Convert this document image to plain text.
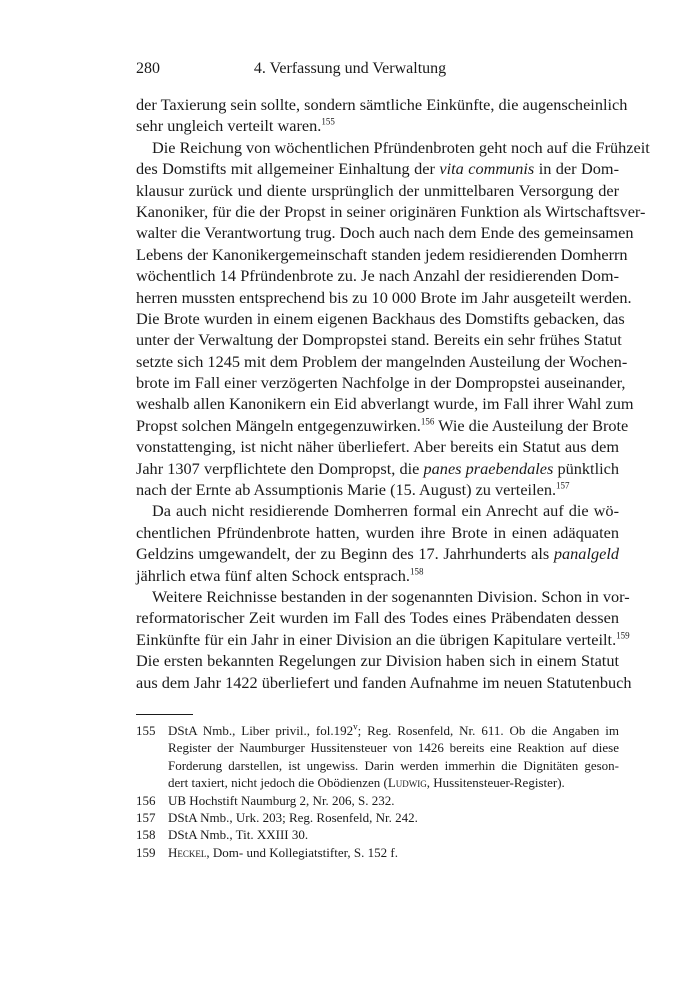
280	4. Verfassung und Verwaltung
der Taxierung sein sollte, sondern sämtliche Einkünfte, die augenscheinlich
sehr ungleich verteilt waren.$^{155}$
Die Reichung von wöchentlichen Pfründenbroten geht noch auf die Frühzeit
des Domstifts mit allgemeiner Einhaltung der vita communis in der Dom-
klausur zurück und diente ursprünglich der unmittelbaren Versorgung der
Kanoniker, für die der Propst in seiner originären Funktion als Wirtschaftsver-
walter die Verantwortung trug. Doch auch nach dem Ende des gemeinsamen
Lebens der Kanonikergemeinschaft standen jedem residierenden Domherrn
wöchentlich 14 Pfründenbrote zu. Je nach Anzahl der residierenden Dom-
herren mussten entsprechend bis zu 10 000 Brote im Jahr ausgeteilt werden.
Die Brote wurden in einem eigenen Backhaus des Domstifts gebacken, das
unter der Verwaltung der Dompropstei stand. Bereits ein sehr frühes Statut
setzte sich 1245 mit dem Problem der mangelnden Austeilung der Wochen-
brote im Fall einer verzögerten Nachfolge in der Dompropstei auseinander,
weshalb allen Kanonikern ein Eid abverlangt wurde, im Fall ihrer Wahl zum
Propst solchen Mängeln entgegenzuwirken.$^{156}$ Wie die Austeilung der Brote
vonstattenging, ist nicht näher überliefert. Aber bereits ein Statut aus dem
Jahr 1307 verpflichtete den Dompropst, die panes praebendales pünktlich
nach der Ernte ab Assumptionis Marie (15. August) zu verteilen.$^{157}$
Da auch nicht residierende Domherren formal ein Anrecht auf die wö-
chentlichen Pfründenbrote hatten, wurden ihre Brote in einen adäquaten
Geldzins umgewandelt, der zu Beginn des 17. Jahrhunderts als panalgeld
jährlich etwa fünf alten Schock entsprach.$^{158}$
Weitere Reichnisse bestanden in der sogenannten Division. Schon in vor-
reformatorischer Zeit wurden im Fall des Todes eines Präbendaten dessen
Einkünfte für ein Jahr in einer Division an die übrigen Kapitulare verteilt.$^{159}$
Die ersten bekannten Regelungen zur Division haben sich in einem Statut
aus dem Jahr 1422 überliefert und fanden Aufnahme im neuen Statutenbuch
155 DStA Nmb., Liber privil., fol.192$^v$; Reg. Rosenfeld, Nr. 611. Ob die Angaben im
Register der Naumburger Hussitensteuer von 1426 bereits eine Reaktion auf diese
Forderung darstellen, ist ungewiss. Darin werden immerhin die Dignitäten geson-
dert taxiert, nicht jedoch die Obödienzen (Ludwig, Hussitensteuer-Register).
156 UB Hochstift Naumburg 2, Nr. 206, S. 232.
157 DStA Nmb., Urk. 203; Reg. Rosenfeld, Nr. 242.
158 DStA Nmb., Tit. XXIII 30.
159 Heckel, Dom- und Kollegiatstifter, S. 152 f.
